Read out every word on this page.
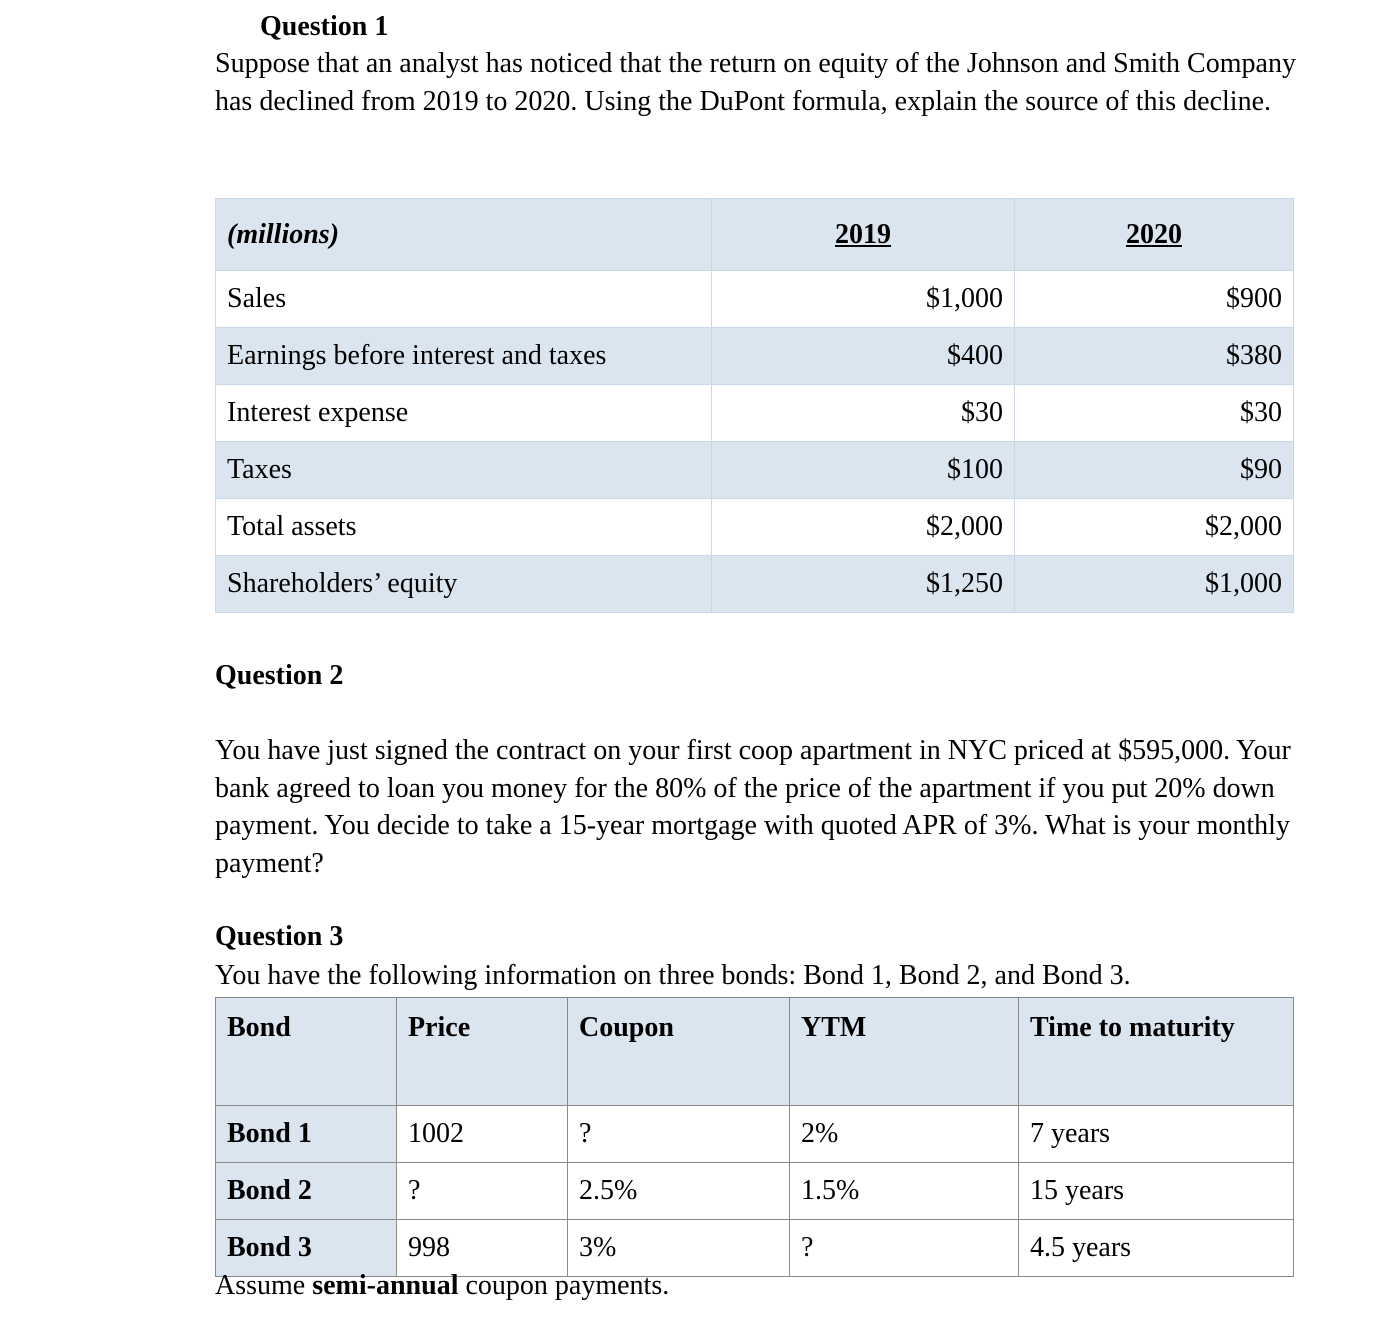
Question 1
Suppose that an analyst has noticed that the return on equity of the Johnson and Smith Company has declined from 2019 to 2020. Using the DuPont formula, explain the source of this decline.
(millions)	2019	2020
Sales	$1,000	$900
Earnings before interest and taxes	$400	$380
Interest expense	$30	$30
Taxes	$100	$90
Total assets	$2,000	$2,000
Shareholders’ equity	$1,250	$1,000
Question 2
You have just signed the contract on your first coop apartment in NYC priced at $595,000. Your bank agreed to loan you money for the 80% of the price of the apartment if you put 20% down payment. You decide to take a 15-year mortgage with quoted APR of 3%. What is your monthly payment?
Question 3
You have the following information on three bonds: Bond 1, Bond 2, and Bond 3.
Bond	Price	Coupon	YTM	Time to maturity
Bond 1	1002	?	2%	7 years
Bond 2	?	2.5%	1.5%	15 years
Bond 3	998	3%	?	4.5 years
Assume semi-annual coupon payments.
